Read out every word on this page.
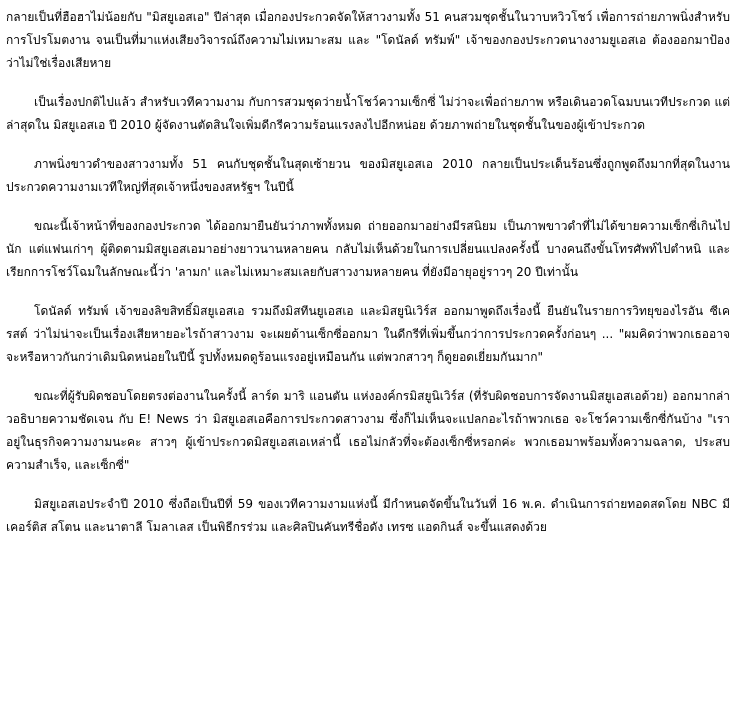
กลายเป็นที่ฮือฮาไม่น้อยกับ "มิสยูเอสเอ" ปีล่าสุด เมื่อกองประกวดจัดให้สาวงามทั้ง 51 คนสวมชุดชั้นในวาบหวิวโชว์ เพื่อการถ่ายภาพนิ่งสำหรับการโปรโมตงาน จนเป็นที่มาแห่งเสียงวิจารณ์ถึงความไม่เหมาะสม และ "โดนัลด์ ทรัมพ์" เจ้าของกองประกวดนางงามยูเอสเอ ต้องออกมาป้องว่าไม่ใช่เรื่องเสียหาย

เป็นเรื่องปกติไปแล้ว สำหรับเวทีความงาม กับการสวมชุดว่ายน้ำโชว์ความเซ็กซี่ ไม่ว่าจะเพื่อถ่ายภาพ หรือเดินอวดโฉมบนเวทีประกวด แต่ล่าสุดใน มิสยูเอสเอ ปี 2010 ผู้จัดงานตัดสินใจเพิ่มดีกรีความร้อนแรงลงไปอีกหน่อย ด้วยภาพถ่ายในชุดชั้นในของผู้เข้าประกวด

ภาพนิ่งขาวดำของสาวงามทั้ง 51 คนกับชุดชั้นในสุดเซ้ายวน ของมิสยูเอสเอ 2010 กลายเป็นประเด็นร้อนซึ่งถูกพูดถึงมากที่สุดในงานประกวดความงามเวทีใหญ่ที่สุดเจ้าหนึ่งของสหรัฐฯ ในปีนี้

ขณะนี้เจ้าหน้าที่ของกองประกวด ได้ออกมายืนยันว่าภาพทั้งหมด ถ่ายออกมาอย่างมีรสนิยม เป็นภาพขาวดำที่ไม่ได้ขายความเซ็กซี่เกินไปนัก แต่แฟนเก่าๆ ผู้ติดตามมิสยูเอสเอมาอย่างยาวนานหลายคน กลับไม่เห็นด้วยในการเปลี่ยนแปลงครั้งนี้ บางคนถึงขั้นโทรศัพท์ไปตำหนิ และเรียกการโชว์โฉมในลักษณะนี้ว่า 'ลามก' และไม่เหมาะสมเลยกับสาวงามหลายคน ที่ยังมีอายุอยู่ราวๆ 20 ปีเท่านั้น

โดนัลด์ ทรัมพ์ เจ้าของลิขสิทธิ์มิสยูเอสเอ รวมถึงมิสทีนยูเอสเอ และมิสยูนิเวิร์ส ออกมาพูดถึงเรื่องนี้ ยืนยันในรายการวิทยุของไรอัน ซีเครสต์ ว่าไม่น่าจะเป็นเรื่องเสียหายอะไรถ้าสาวงาม จะเผยด้านเซ็กซี่ออกมา ในดีกรีที่เพิ่มขึ้นกว่าการประกวดครั้งก่อนๆ ... "ผมคิดว่าพวกเธออาจจะหรือหาวกันกว่าเดิมนิดหน่อยในปีนี้ รูปทั้งหมดดูร้อนแรงอยู่เหมือนกัน แต่พวกสาวๆ ก็ดูยอดเยี่ยมกันมาก"

ขณะที่ผู้รับผิดชอบโดยตรงต่องานในครั้งนี้ ลาร์ด มาริ แอนตัน แห่งองค์กรมิสยูนิเวิร์ส (ที่รับผิดชอบการจัดงานมิสยูเอสเอด้วย) ออกมากล่าวอธิบายความชัดเจน กับ E! News ว่า มิสยูเอสเอคือการประกวดสาวงาม ซึ่งก็ไม่เห็นจะแปลกอะไรถ้าพวกเธอ จะโชว์ความเซ็กซี่กันบ้าง "เราอยู่ในธุรกิจความงามนะคะ สาวๆ ผู้เข้าประกวดมิสยูเอสเอเหล่านี้ เธอไม่กลัวที่จะต้องเซ็กซี่หรอกค่ะ พวกเธอมาพร้อมทั้งความฉลาด, ประสบความสำเร็จ, และเซ็กซี่"

มิสยูเอสเอประจำปี 2010 ซึ่งถือเป็นปีที่ 59 ของเวทีความงามแห่งนี้ มีกำหนดจัดขึ้นในวันที่ 16 พ.ค. ดำเนินการถ่ายทอดสดโดย NBC มี เคอร์ติส สโตน และนาตาลี โมลาเลส เป็นพิธีกรร่วม และศิลปินคันทรีชื่อดัง เทรซ แอดกินส์ จะขึ้นแสดงด้วย
